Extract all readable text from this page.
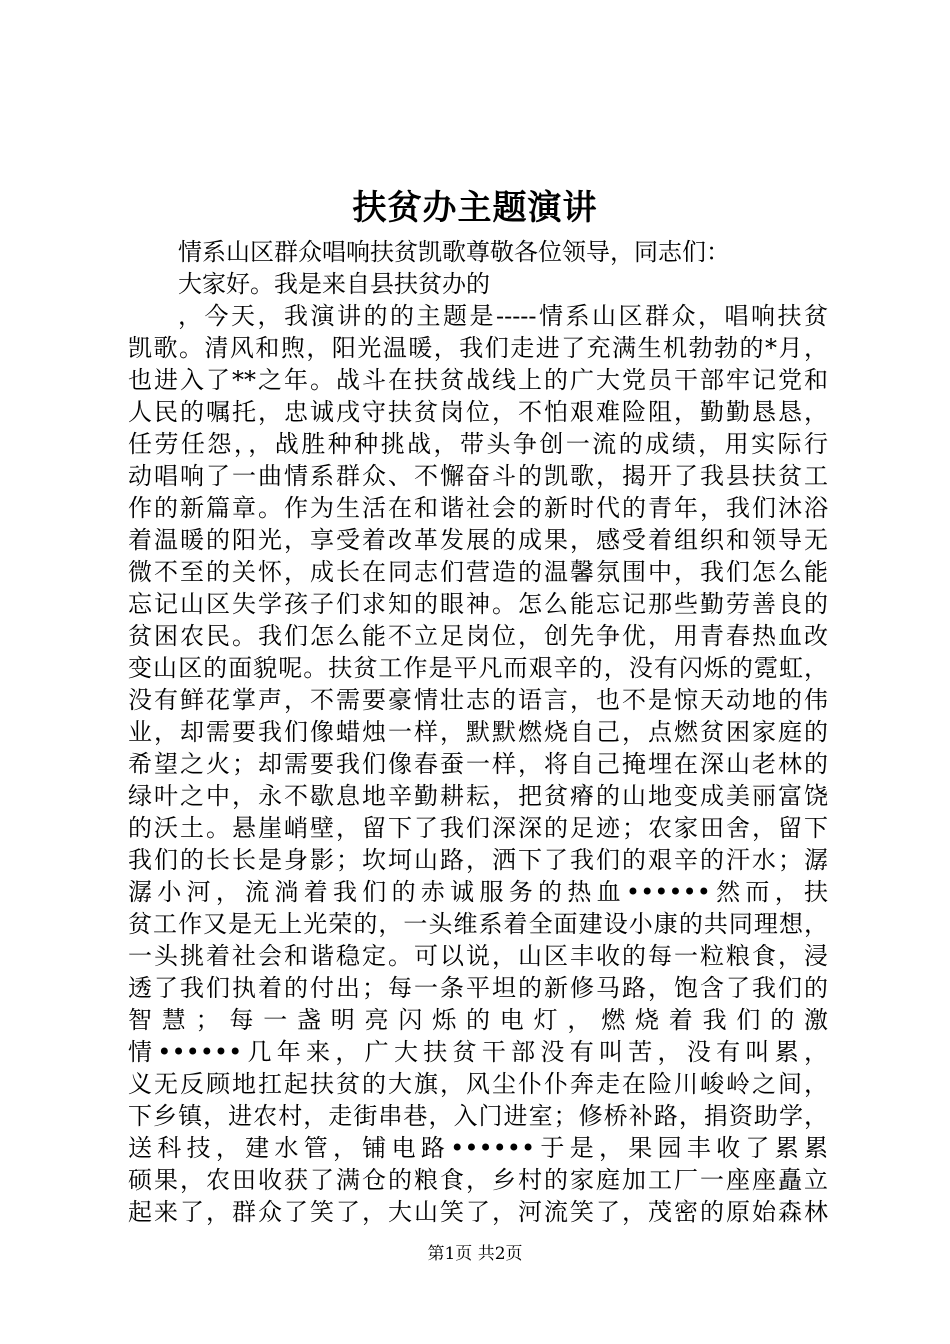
扶贫办主题演讲
情系山区群众唱响扶贫凯歌尊敬各位领导，同志们：
大家好。我是来自县扶贫办的
，今天，我演讲的的主题是-----情系山区群众，唱响扶贫
凯歌。清风和煦，阳光温暖，我们走进了充满生机勃勃的*月，
也进入了**之年。战斗在扶贫战线上的广大党员干部牢记党和
人民的嘱托，忠诚戌守扶贫岗位，不怕艰难险阻，勤勤恳恳，
任劳任怨，，战胜种种挑战，带头争创一流的成绩，用实际行
动唱响了一曲情系群众、不懈奋斗的凯歌，揭开了我县扶贫工
作的新篇章。作为生活在和谐社会的新时代的青年，我们沐浴
着温暖的阳光，享受着改革发展的成果，感受着组织和领导无
微不至的关怀，成长在同志们营造的温馨氛围中，我们怎么能
忘记山区失学孩子们求知的眼神。怎么能忘记那些勤劳善良的
贫困农民。我们怎么能不立足岗位，创先争优，用青春热血改
变山区的面貌呢。扶贫工作是平凡而艰辛的，没有闪烁的霓虹，
没有鲜花掌声，不需要豪情壮志的语言，也不是惊天动地的伟
业，却需要我们像蜡烛一样，默默燃烧自己，点燃贫困家庭的
希望之火；却需要我们像春蚕一样，将自己掩埋在深山老林的
绿叶之中，永不歇息地辛勤耕耘，把贫瘠的山地变成美丽富饶
的沃土。悬崖峭壁，留下了我们深深的足迹；农家田舍，留下
我们的长长是身影；坎坷山路，洒下了我们的艰辛的汗水；潺
潺小河，流淌着我们的赤诚服务的热血••••••然而，扶
贫工作又是无上光荣的，一头维系着全面建设小康的共同理想，
一头挑着社会和谐稳定。可以说，山区丰收的每一粒粮食，浸
透了我们执着的付出；每一条平坦的新修马路，饱含了我们的
智慧；每一盏明亮闪烁的电灯，燃烧着我们的激
情••••••几年来，广大扶贫干部没有叫苦，没有叫累，
义无反顾地扛起扶贫的大旗，风尘仆仆奔走在险川峻岭之间，
下乡镇，进农村，走街串巷，入门进室；修桥补路，捐资助学，
送科技，建水管，铺电路••••••于是，果园丰收了累累
硕果，农田收获了满仓的粮食，乡村的家庭加工厂一座座矗立
起来了，群众了笑了，大山笑了，河流笑了，茂密的原始森林
第1页 共2页
